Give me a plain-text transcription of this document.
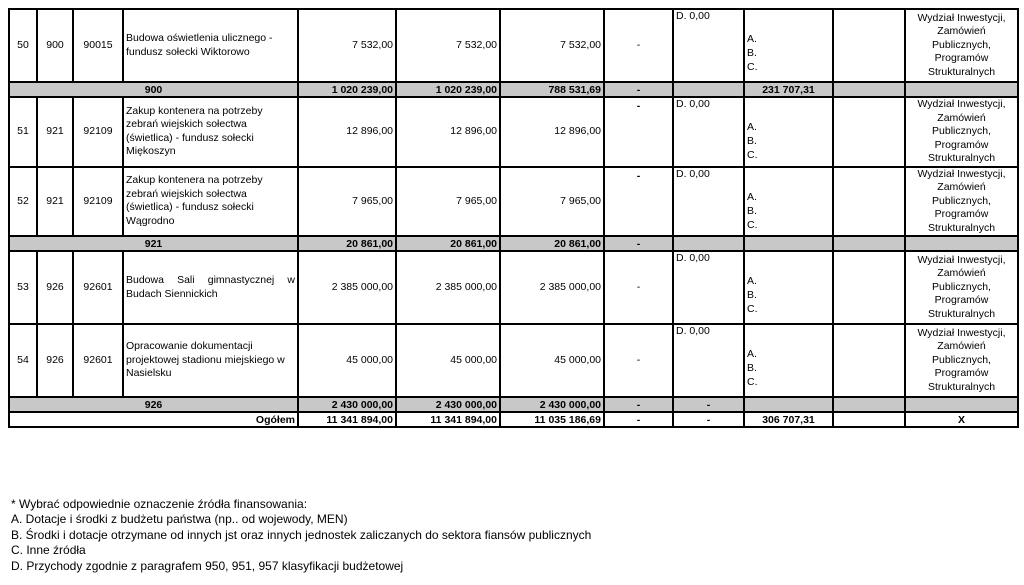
50	900	90015	Budowa oświetlenia ulicznego - fundusz sołecki Wiktorowo	7 532,00	7 532,00	7 532,00	-	D. 0,00	A.
B.
C.		Wydział Inwestycji, Zamówień Publicznych, Programów Strukturalnych
900				1 020 239,00	1 020 239,00	788 531,69	-		231 707,31		
51	921	92109	Zakup kontenera na potrzeby zebrań wiejskich sołectwa (świetlica) - fundusz sołecki Miękoszyn	12 896,00	12 896,00	12 896,00	-	D. 0,00	A.
B.
C.		Wydział Inwestycji, Zamówień Publicznych, Programów Strukturalnych
52	921	92109	Zakup kontenera na potrzeby zebrań wiejskich sołectwa (świetlica) - fundusz sołecki Wągrodno	7 965,00	7 965,00	7 965,00	-	D. 0,00	A.
B.
C.		Wydział Inwestycji, Zamówień Publicznych, Programów Strukturalnych
921				20 861,00	20 861,00	20 861,00	-				
53	926	92601	Budowa Sali gimnastycznej w Budach Siennickich	2 385 000,00	2 385 000,00	2 385 000,00	-	D. 0,00	A.
B.
C.		Wydział Inwestycji, Zamówień Publicznych, Programów Strukturalnych
54	926	92601	Opracowanie dokumentacji projektowej stadionu miejskiego w Nasielsku	45 000,00	45 000,00	45 000,00	-	D. 0,00	A.
B.
C.		Wydział Inwestycji, Zamówień Publicznych, Programów Strukturalnych
926				2 430 000,00	2 430 000,00	2 430 000,00	-	-			
Ogółem				11 341 894,00	11 341 894,00	11 035 186,69	-	-	306 707,31		X
* Wybrać odpowiednie oznaczenie źródła finansowania:
A. Dotacje i środki z budżetu państwa (np.. od wojewody, MEN)
B. Środki i dotacje otrzymane od innych jst oraz innych jednostek zaliczanych do sektora fiansów publicznych
C. Inne źródła
D. Przychody zgodnie z paragrafem 950, 951, 957 klasyfikacji budżetowej
